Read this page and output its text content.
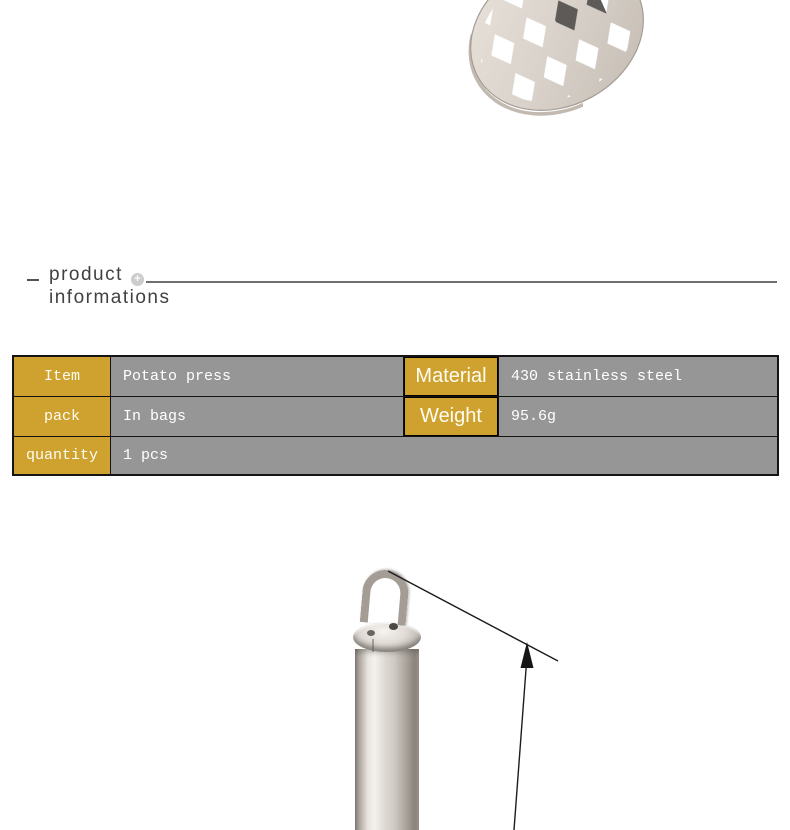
product
informations
+
Item	Potato press	Material	430 stainless steel
pack	In bags	Weight	95.6g
quantity	1 pcs
